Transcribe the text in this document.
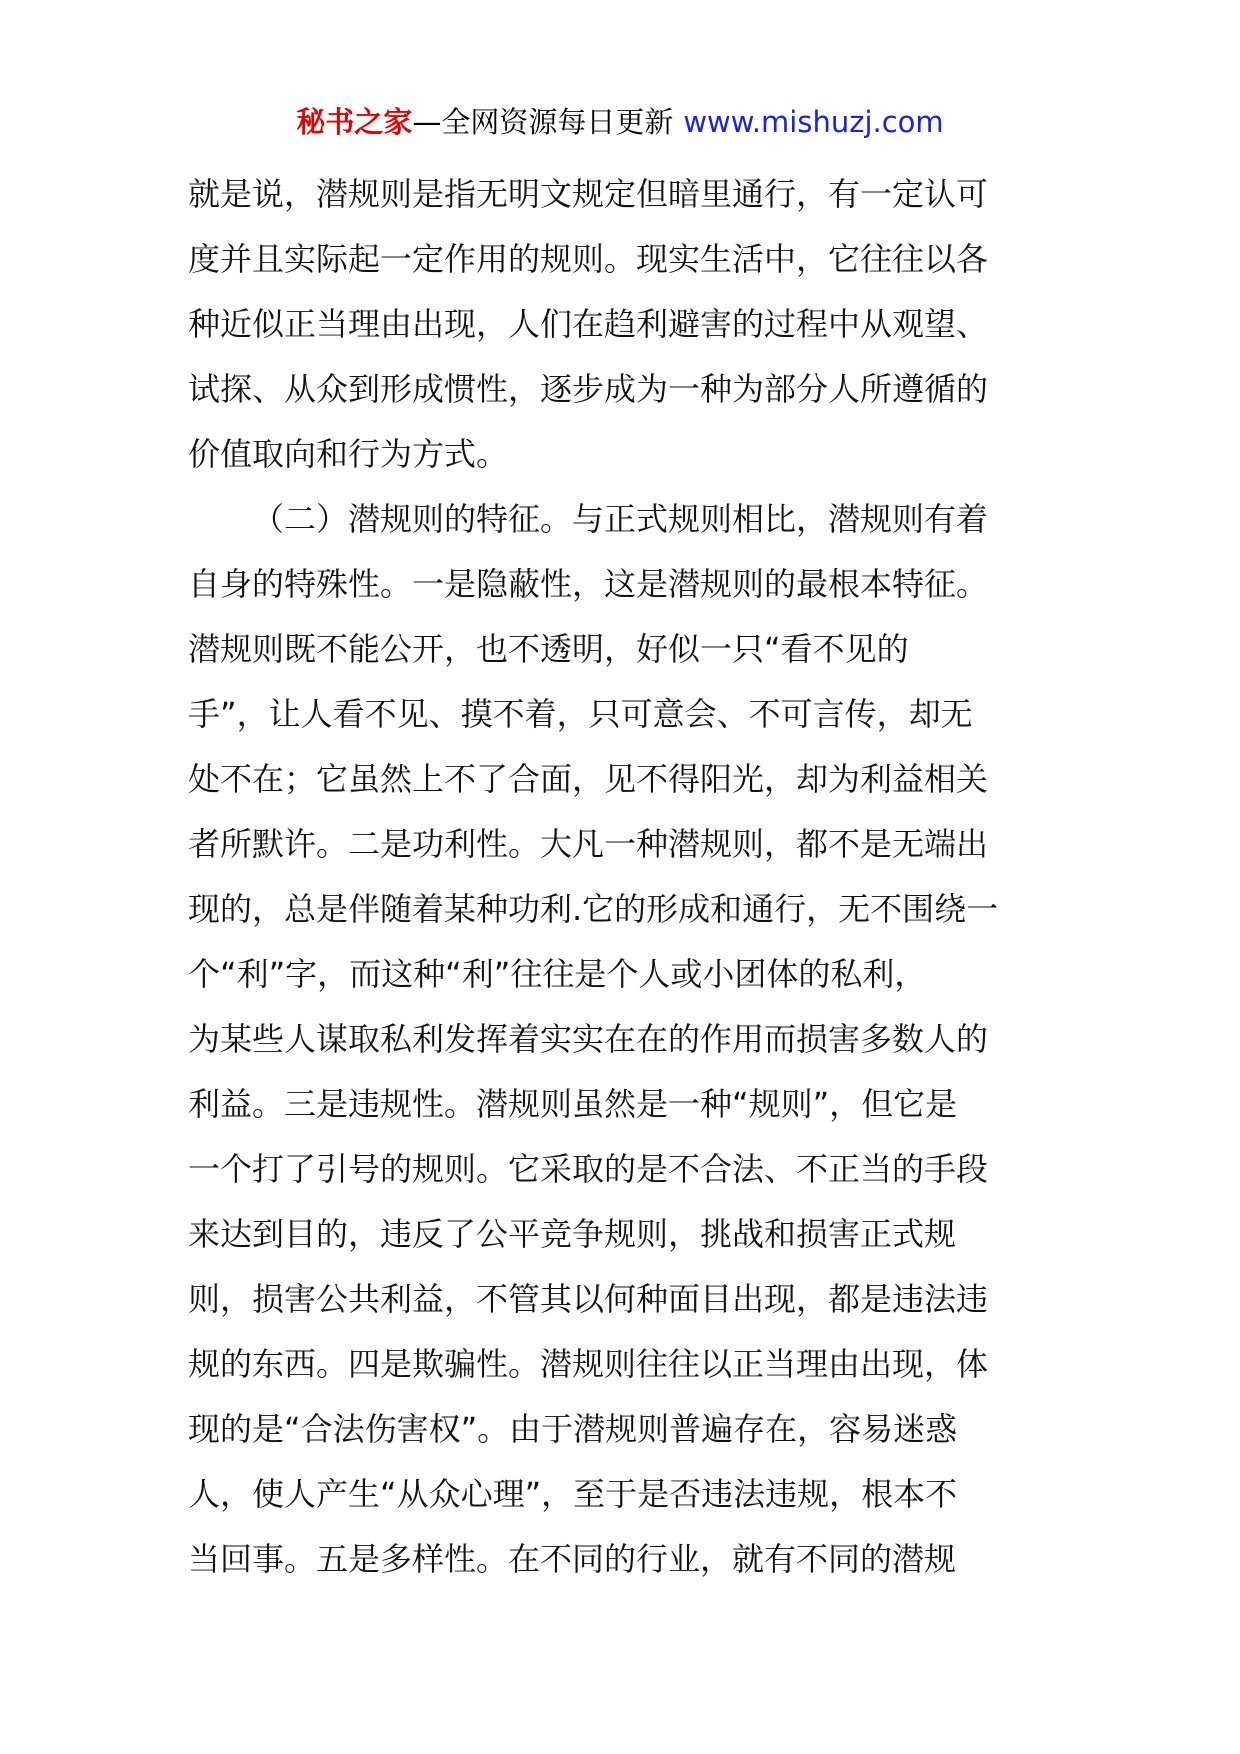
秘书之家—全网资源每日更新 www.mishuzj.com
就是说，潜规则是指无明文规定但暗里通行，有一定认可
度并且实际起一定作用的规则。现实生活中，它往往以各
种近似正当理由出现，人们在趋利避害的过程中从观望、
试探、从众到形成惯性，逐步成为一种为部分人所遵循的
价值取向和行为方式。
（二）潜规则的特征。与正式规则相比，潜规则有着
自身的特殊性。一是隐蔽性，这是潜规则的最根本特征。
潜规则既不能公开，也不透明，好似一只“看不见的
手”，让人看不见、摸不着，只可意会、不可言传，却无
处不在；它虽然上不了合面，见不得阳光，却为利益相关
者所默许。二是功利性。大凡一种潜规则，都不是无端出
现的，总是伴随着某种功利.它的形成和通行，无不围绕一
个“利”字，而这种“利”往往是个人或小团体的私利，
为某些人谋取私利发挥着实实在在的作用而损害多数人的
利益。三是违规性。潜规则虽然是一种“规则”，但它是
一个打了引号的规则。它采取的是不合法、不正当的手段
来达到目的，违反了公平竞争规则，挑战和损害正式规
则，损害公共利益，不管其以何种面目出现，都是违法违
规的东西。四是欺骗性。潜规则往往以正当理由出现，体
现的是“合法伤害权”。由于潜规则普遍存在，容易迷惑
人，使人产生“从众心理”，至于是否违法违规，根本不
当回事。五是多样性。在不同的行业，就有不同的潜规
